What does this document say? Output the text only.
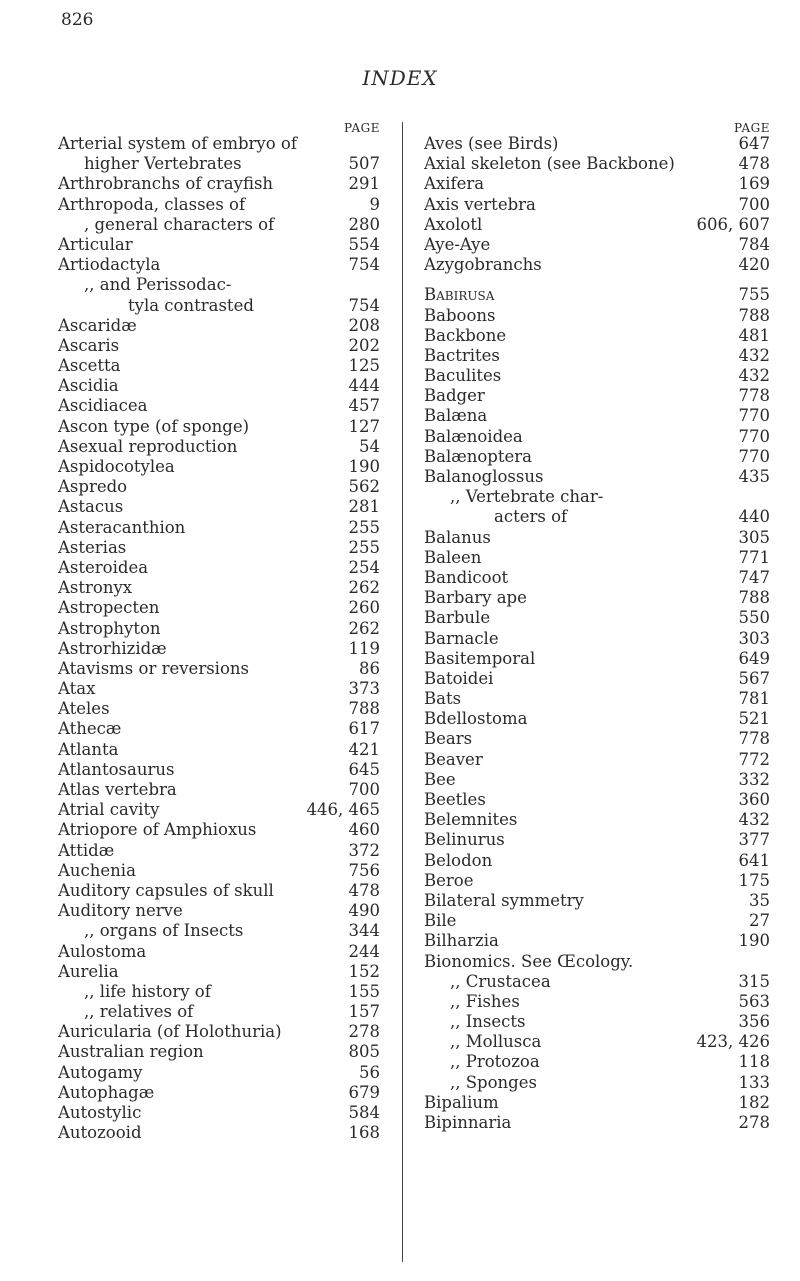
826
INDEX
PAGE
Arterial system of embryo of
higher Vertebrates	507
Arthrobranchs of crayfish	291
Arthropoda, classes of	9
, general characters of	280
Articular	554
Artiodactyla	754
,, and Perissodac-
tyla contrasted	754
Ascaridæ	208
Ascaris	202
Ascetta	125
Ascidia	444
Ascidiacea	457
Ascon type (of sponge)	127
Asexual reproduction	54
Aspidocotylea	190
Aspredo	562
Astacus	281
Asteracanthion	255
Asterias	255
Asteroidea	254
Astronyx	262
Astropecten	260
Astrophyton	262
Astrorhizidæ	119
Atavisms or reversions	86
Atax	373
Ateles	788
Athecæ	617
Atlanta	421
Atlantosaurus	645
Atlas vertebra	700
Atrial cavity	446, 465
Atriopore of Amphioxus	460
Attidæ	372
Auchenia	756
Auditory capsules of skull	478
Auditory nerve	490
,, organs of Insects	344
Aulostoma	244
Aurelia	152
,, life history of	155
,, relatives of	157
Auricularia (of Holothuria)	278
Australian region	805
Autogamy	56
Autophagæ	679
Autostylic	584
Autozooid	168
PAGE
Aves (see Birds)	647
Axial skeleton (see Backbone)	478
Axifera	169
Axis vertebra	700
Axolotl	606, 607
Aye-Aye	784
Azygobranchs	420
Babirusa	755
Baboons	788
Backbone	481
Bactrites	432
Baculites	432
Badger	778
Balæna	770
Balænoidea	770
Balænoptera	770
Balanoglossus	435
,, Vertebrate char-
acters of	440
Balanus	305
Baleen	771
Bandicoot	747
Barbary ape	788
Barbule	550
Barnacle	303
Basitemporal	649
Batoidei	567
Bats	781
Bdellostoma	521
Bears	778
Beaver	772
Bee	332
Beetles	360
Belemnites	432
Belinurus	377
Belodon	641
Beroe	175
Bilateral symmetry	35
Bile	27
Bilharzia	190
Bionomics. See Œcology.
,, Crustacea	315
,, Fishes	563
,, Insects	356
,, Mollusca	423, 426
,, Protozoa	118
,, Sponges	133
Bipalium	182
Bipinnaria	278
